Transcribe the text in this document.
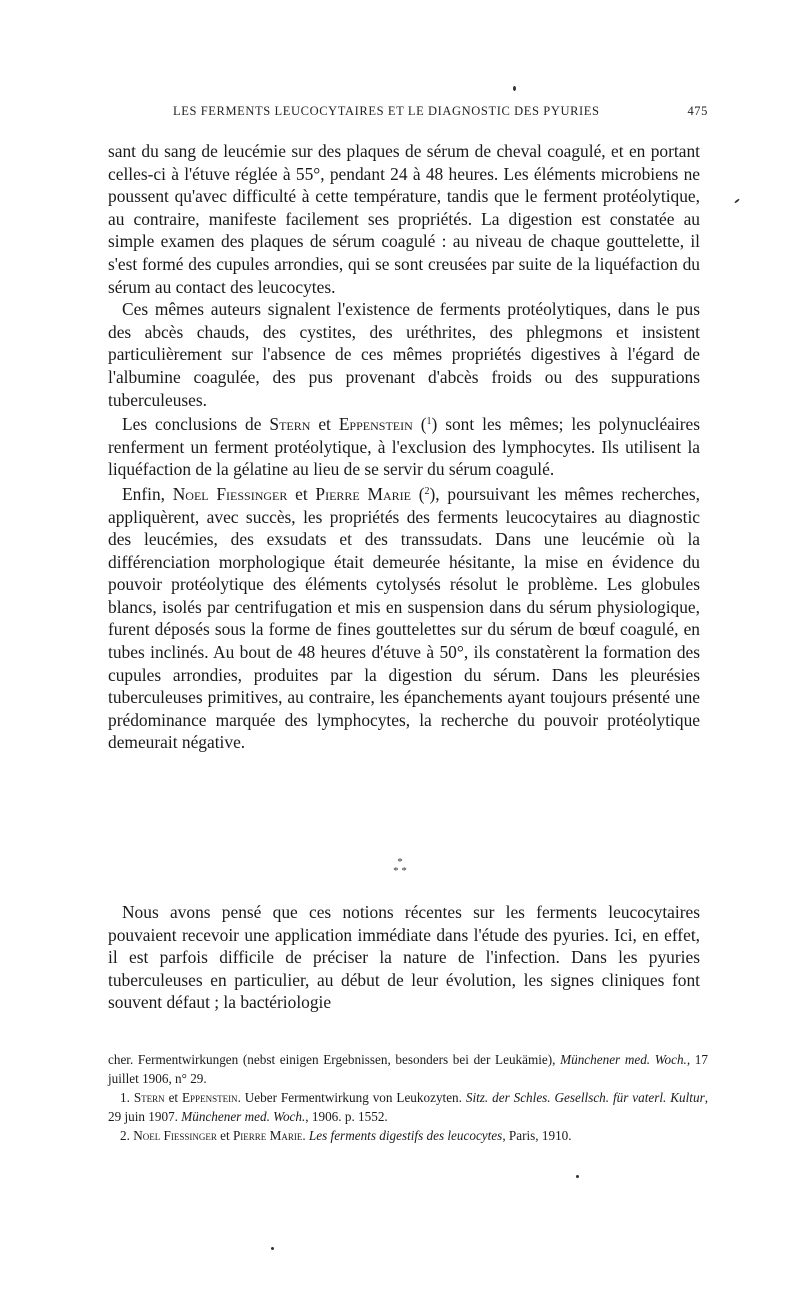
LES FERMENTS LEUCOCYTAIRES ET LE DIAGNOSTIC DES PYURIES	475

sant du sang de leucémie sur des plaques de sérum de cheval coagulé, et en portant celles-ci à l'étuve réglée à 55°, pendant 24 à 48 heures. Les éléments microbiens ne poussent qu'avec difficulté à cette température, tandis que le ferment protéolytique, au contraire, manifeste facilement ses propriétés. La digestion est constatée au simple examen des plaques de sérum coagulé : au niveau de chaque gouttelette, il s'est formé des cupules arrondies, qui se sont creusées par suite de la liquéfaction du sérum au contact des leucocytes.

Ces mêmes auteurs signalent l'existence de ferments protéolytiques, dans le pus des abcès chauds, des cystites, des uréthrites, des phlegmons et insistent particulièrement sur l'absence de ces mêmes propriétés digestives à l'égard de l'albumine coagulée, des pus provenant d'abcès froids ou des suppurations tuberculeuses.

Les conclusions de Stern et Eppenstein ($^1$) sont les mêmes; les polynucléaires renferment un ferment protéolytique, à l'exclusion des lymphocytes. Ils utilisent la liquéfaction de la gélatine au lieu de se servir du sérum coagulé.

Enfin, Noel Fiessinger et Pierre Marie ($^2$), poursuivant les mêmes recherches, appliquèrent, avec succès, les propriétés des ferments leucocytaires au diagnostic des leucémies, des exsudats et des transsudats. Dans une leucémie où la différenciation morphologique était demeurée hésitante, la mise en évidence du pouvoir protéolytique des éléments cytolysés résolut le problème. Les globules blancs, isolés par centrifugation et mis en suspension dans du sérum physiologique, furent déposés sous la forme de fines gouttelettes sur du sérum de bœuf coagulé, en tubes inclinés. Au bout de 48 heures d'étuve à 50°, ils constatèrent la formation des cupules arrondies, produites par la digestion du sérum. Dans les pleurésies tuberculeuses primitives, au contraire, les épanchements ayant toujours présenté une prédominance marquée des lymphocytes, la recherche du pouvoir protéolytique demeurait négative.

*
* *

Nous avons pensé que ces notions récentes sur les ferments leucocytaires pouvaient recevoir une application immédiate dans l'étude des pyuries. Ici, en effet, il est parfois difficile de préciser la nature de l'infection. Dans les pyuries tuberculeuses en particulier, au début de leur évolution, les signes cliniques font souvent défaut ; la bactériologie

cher. Fermentwirkungen (nebst einigen Ergebnissen, besonders bei der Leukämie), Münchener med. Woch., 17 juillet 1906, n° 29.

1. Stern et Eppenstein. Ueber Fermentwirkung von Leukozyten. Sitz. der Schles. Gesellsch. für vaterl. Kultur, 29 juin 1907. Münchener med. Woch., 1906. p. 1552.

2. Noel Fiessinger et Pierre Marie. Les ferments digestifs des leucocytes, Paris, 1910.
